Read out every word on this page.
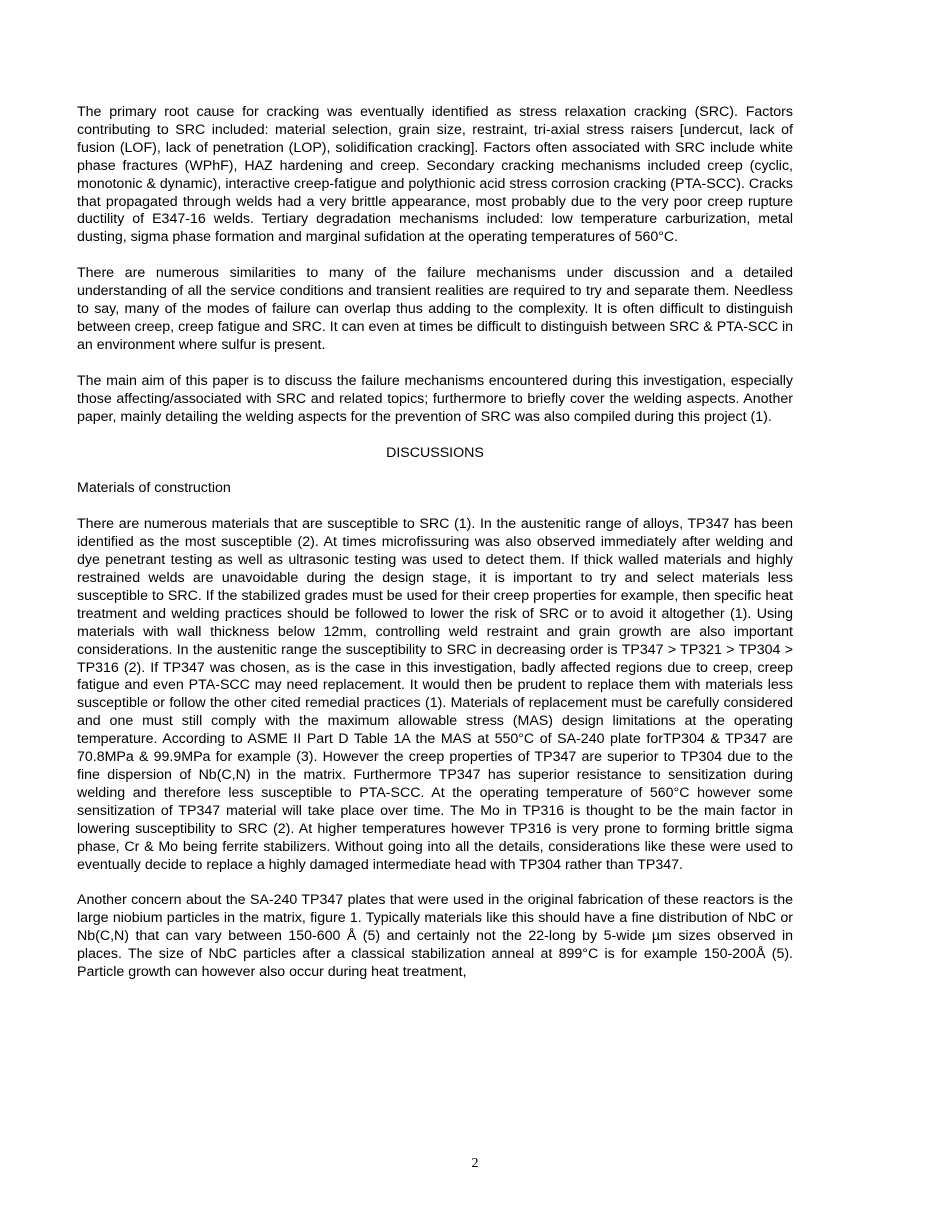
The primary root cause for cracking was eventually identified as stress relaxation cracking (SRC). Factors contributing to SRC included: material selection, grain size, restraint, tri-axial stress raisers [undercut, lack of fusion (LOF), lack of penetration (LOP), solidification cracking]. Factors often associated with SRC include white phase fractures (WPhF), HAZ hardening and creep. Secondary cracking mechanisms included creep (cyclic, monotonic & dynamic), interactive creep-fatigue and polythionic acid stress corrosion cracking (PTA-SCC). Cracks that propagated through welds had a very brittle appearance, most probably due to the very poor creep rupture ductility of E347-16 welds. Tertiary degradation mechanisms included: low temperature carburization, metal dusting, sigma phase formation and marginal sufidation at the operating temperatures of 560°C.

There are numerous similarities to many of the failure mechanisms under discussion and a detailed understanding of all the service conditions and transient realities are required to try and separate them. Needless to say, many of the modes of failure can overlap thus adding to the complexity. It is often difficult to distinguish between creep, creep fatigue and SRC. It can even at times be difficult to distinguish between SRC & PTA-SCC in an environment where sulfur is present.

The main aim of this paper is to discuss the failure mechanisms encountered during this investigation, especially those affecting/associated with SRC and related topics; furthermore to briefly cover the welding aspects. Another paper, mainly detailing the welding aspects for the prevention of SRC was also compiled during this project (1).

DISCUSSIONS
Materials of construction

There are numerous materials that are susceptible to SRC (1). In the austenitic range of alloys, TP347 has been identified as the most susceptible (2). At times microfissuring was also observed immediately after welding and dye penetrant testing as well as ultrasonic testing was used to detect them. If thick walled materials and highly restrained welds are unavoidable during the design stage, it is important to try and select materials less susceptible to SRC. If the stabilized grades must be used for their creep properties for example, then specific heat treatment and welding practices should be followed to lower the risk of SRC or to avoid it altogether (1). Using materials with wall thickness below 12mm, controlling weld restraint and grain growth are also important considerations. In the austenitic range the susceptibility to SRC in decreasing order is TP347 > TP321 > TP304 > TP316 (2). If TP347 was chosen, as is the case in this investigation, badly affected regions due to creep, creep fatigue and even PTA-SCC may need replacement. It would then be prudent to replace them with materials less susceptible or follow the other cited remedial practices (1). Materials of replacement must be carefully considered and one must still comply with the maximum allowable stress (MAS) design limitations at the operating temperature. According to ASME II Part D Table 1A the MAS at 550°C of SA-240 plate forTP304 & TP347 are 70.8MPa & 99.9MPa for example (3). However the creep properties of TP347 are superior to TP304 due to the fine dispersion of Nb(C,N) in the matrix. Furthermore TP347 has superior resistance to sensitization during welding and therefore less susceptible to PTA-SCC. At the operating temperature of 560°C however some sensitization of TP347 material will take place over time. The Mo in TP316 is thought to be the main factor in lowering susceptibility to SRC (2). At higher temperatures however TP316 is very prone to forming brittle sigma phase, Cr & Mo being ferrite stabilizers. Without going into all the details, considerations like these were used to eventually decide to replace a highly damaged intermediate head with TP304 rather than TP347.

Another concern about the SA-240 TP347 plates that were used in the original fabrication of these reactors is the large niobium particles in the matrix, figure 1. Typically materials like this should have a fine distribution of NbC or Nb(C,N) that can vary between 150-600 Å (5) and certainly not the 22-long by 5-wide µm sizes observed in places. The size of NbC particles after a classical stabilization anneal at 899°C is for example 150-200Å (5). Particle growth can however also occur during heat treatment,

2
